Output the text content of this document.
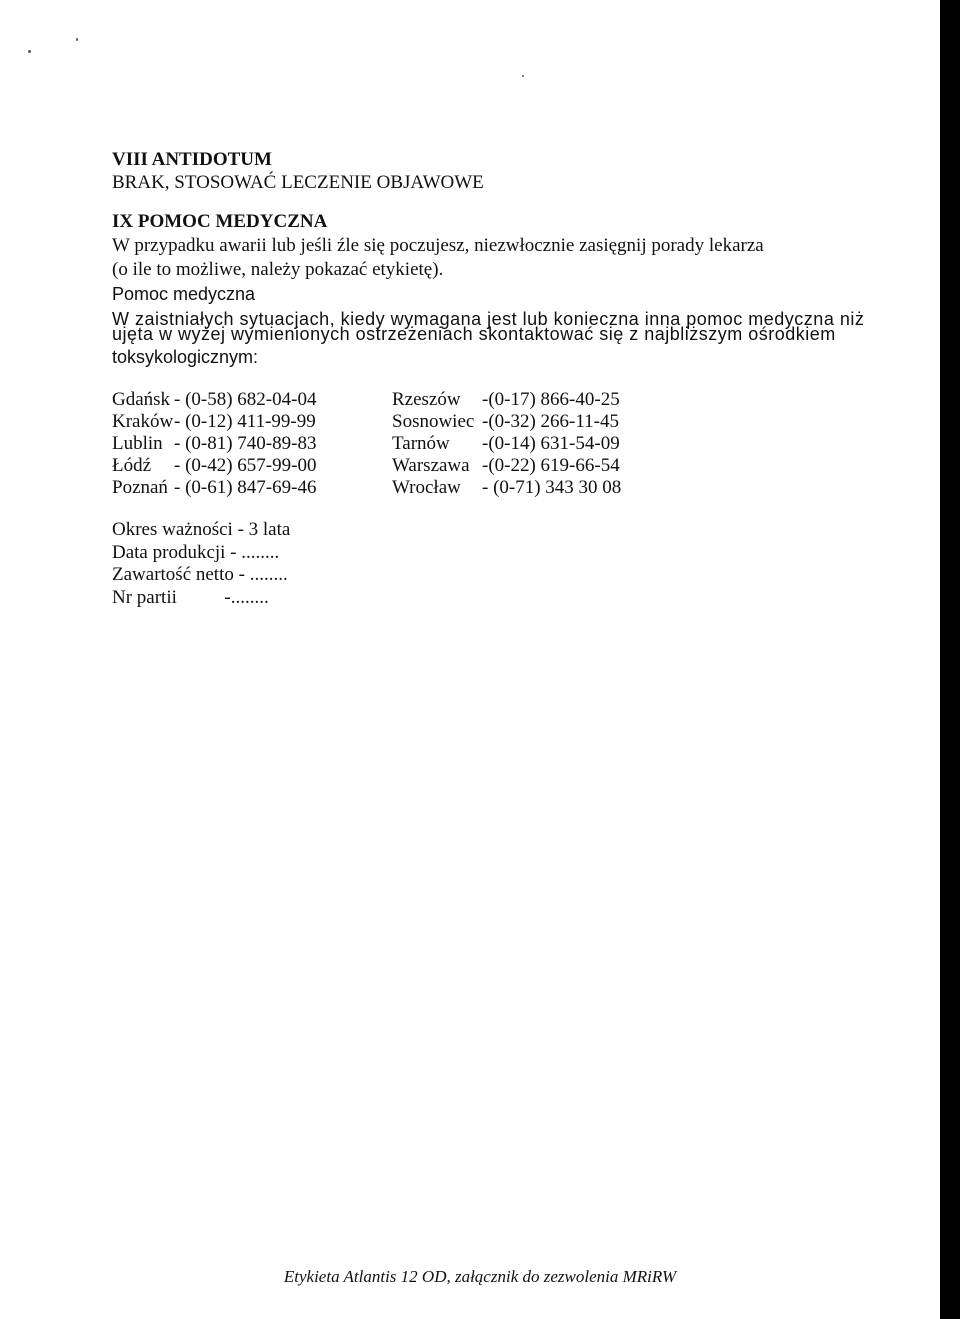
VIII ANTIDOTUM
BRAK, STOSOWAĆ LECZENIE OBJAWOWE
IX POMOC MEDYCZNA
W przypadku awarii lub jeśli źle się poczujesz, niezwłocznie zasięgnij porady lekarza
(o ile to możliwe, należy pokazać etykietę).
Pomoc medyczna
W zaistniałych sytuacjach, kiedy wymagana jest lub konieczna inna pomoc medyczna niż
ujęta w wyżej wymienionych ostrzeżeniach skontaktować się z najbliższym ośrodkiem
toksykologicznym:
Gdańsk - (0-58) 682-04-04	Rzeszów -(0-17) 866-40-25
Kraków - (0-12) 411-99-99	Sosnowiec -(0-32) 266-11-45
Lublin - (0-81) 740-89-83	Tarnów -(0-14) 631-54-09
Łódź - (0-42) 657-99-00	Warszawa -(0-22) 619-66-54
Poznań - (0-61) 847-69-46	Wrocław - (0-71) 343 30 08
Okres ważności - 3 lata
Data produkcji - ........
Zawartość netto - ........
Nr partii          -........
Etykieta Atlantis 12 OD, załącznik do zezwolenia MRiRW
